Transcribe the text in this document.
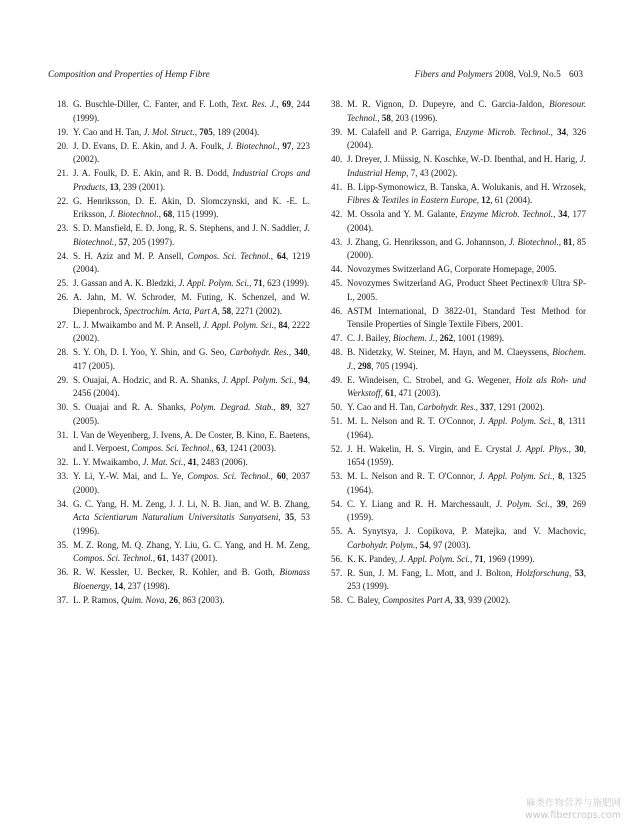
Composition and Properties of Hemp Fibre	Fibers and Polymers 2008, Vol.9, No.5 603
18. G. Buschle-Diller, C. Fanter, and F. Loth, Text. Res. J., 69, 244 (1999).
19. Y. Cao and H. Tan, J. Mol. Struct., 705, 189 (2004).
20. J. D. Evans, D. E. Akin, and J. A. Foulk, J. Biotechnol., 97, 223 (2002).
21. J. A. Foulk, D. E. Akin, and R. B. Dodd, Industrial Crops and Products, 13, 239 (2001).
22. G. Henriksson, D. E. Akin, D. Slomczynski, and K. -E. L. Eriksson, J. Biotechnol., 68, 115 (1999).
23. S. D. Mansfield, E. D. Jong, R. S. Stephens, and J. N. Saddler, J. Biotechnol., 57, 205 (1997).
24. S. H. Aziz and M. P. Ansell, Compos. Sci. Technol., 64, 1219 (2004).
25. J. Gassan and A. K. Bledzki, J. Appl. Polym. Sci., 71, 623 (1999).
26. A. Jahn, M. W. Schroder, M. Futing, K. Schenzel, and W. Diepenbrock, Spectrochim. Acta, Part A, 58, 2271 (2002).
27. L. J. Mwaikambo and M. P. Ansell, J. Appl. Polym. Sci., 84, 2222 (2002).
28. S. Y. Oh, D. I. Yoo, Y. Shin, and G. Seo, Carbohydr. Res., 340, 417 (2005).
29. S. Ouajai, A. Hodzic, and R. A. Shanks, J. Appl. Polym. Sci., 94, 2456 (2004).
30. S. Ouajai and R. A. Shanks, Polym. Degrad. Stab., 89, 327 (2005).
31. I. Van de Weyenberg, J. Ivens, A. De Coster, B. Kino, E. Baetens, and I. Verpoest, Compos. Sci. Technol., 63, 1241 (2003).
32. L. Y. Mwaikambo, J. Mat. Sci., 41, 2483 (2006).
33. Y. Li, Y.-W. Mai, and L. Ye, Compos. Sci. Technol., 60, 2037 (2000).
34. G. C. Yang, H. M. Zeng, J. J. Li, N. B. Jian, and W. B. Zhang, Acta Scientiarum Naturalium Universitatis Sunyatseni, 35, 53 (1996).
35. M. Z. Rong, M. Q. Zhang, Y. Liu, G. C. Yang, and H. M. Zeng, Compos. Sci. Technol., 61, 1437 (2001).
36. R. W. Kessler, U. Becker, R. Kohler, and B. Goth, Biomass Bioenergy, 14, 237 (1998).
37. L. P. Ramos, Quim. Nova, 26, 863 (2003).
38. M. R. Vignon, D. Dupeyre, and C. Garcia-Jaldon, Bioresour. Technol., 58, 203 (1996).
39. M. Calafell and P. Garriga, Enzyme Microb. Technol., 34, 326 (2004).
40. J. Dreyer, J. Müssig, N. Koschke, W.-D. Ibenthal, and H. Harig, J. Industrial Hemp, 7, 43 (2002).
41. B. Lipp-Symonowicz, B. Tanska, A. Wolukanis, and H. Wrzosek, Fibres & Textiles in Eastern Europe, 12, 61 (2004).
42. M. Ossola and Y. M. Galante, Enzyme Microb. Technol., 34, 177 (2004).
43. J. Zhang, G. Henriksson, and G. Johannson, J. Biotechnol., 81, 85 (2000).
44. Novozymes Switzerland AG, Corporate Homepage, 2005.
45. Novozymes Switzerland AG, Product Sheet Pectinex® Ultra SP-L, 2005.
46. ASTM International, D 3822-01, Standard Test Method for Tensile Properties of Single Textile Fibers, 2001.
47. C. J. Bailey, Biochem. J., 262, 1001 (1989).
48. B. Nidetzky, W. Steiner, M. Hayn, and M. Claeyssens, Biochem. J., 298, 705 (1994).
49. E. Windeisen, C. Strobel, and G. Wegener, Holz als Roh- und Werkstoff, 61, 471 (2003).
50. Y. Cao and H. Tan, Carbohydr. Res., 337, 1291 (2002).
51. M. L. Nelson and R. T. O'Connor, J. Appl. Polym. Sci., 8, 1311 (1964).
52. J. H. Wakelin, H. S. Virgin, and E. Crystal J. Appl. Phys., 30, 1654 (1959).
53. M. L. Nelson and R. T. O'Connor, J. Appl. Polym. Sci., 8, 1325 (1964).
54. C. Y. Liang and R. H. Marchessault, J. Polym. Sci., 39, 269 (1959).
55. A. Synytsya, J. Copikova, P. Matejka, and V. Machovic, Carbohydr. Polym., 54, 97 (2003).
56. K. K. Pandey, J. Appl. Polym. Sci., 71, 1969 (1999).
57. R. Sun, J. M. Fang, L. Mott, and J. Bolton, Holzforschung, 53, 253 (1999).
58. C. Baley, Composites Part A, 33, 939 (2002).
麻类作物营养与施肥网
www.fibercrops.com
